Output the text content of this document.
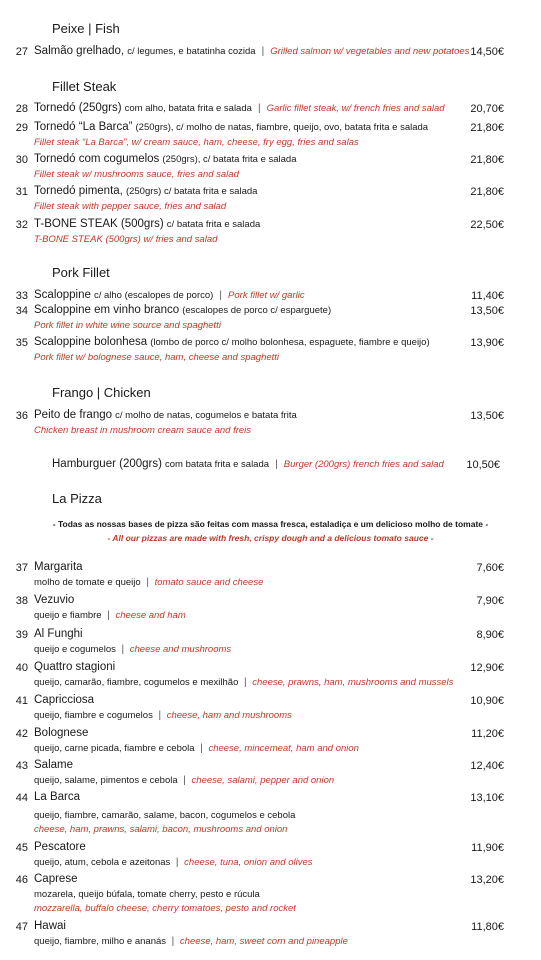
Peixe | Fish
27 Salmão grelhado, c/ legumes, e batatinha cozida | Grilled salmon w/ vegetables and new potatoes 14,50€
Fillet Steak
28 Tornedó (250grs) com alho, batata frita e salada | Garlic fillet steak, w/ french fries and salad 20,70€
29 Tornedó “La Barca” (250grs), c/ molho de natas, fiambre, queijo, ovo, batata frita e salada	21,80€
Fillet steak “La Barca”, w/ cream sauce, ham, cheese, fry egg, fries and salas
30 Tornedó com cogumelos (250grs), c/ batata frita e salada	21,80€
Fillet steak w/ mushrooms sauce, fries and salad
31 Tornedó pimenta, (250grs) c/ batata frita e salada	21,80€
Fillet steak with pepper sauce, fries and salad
32 T-BONE STEAK (500grs) c/ batata frita e salada	22,50€
T-BONE STEAK (500grs) w/ fries and salad
Pork Fillet
33 Scaloppine c/ alho (escalopes de porco) | Pork fillet w/ garlic	11,40€
34 Scaloppine em vinho branco (escalopes de porco c/ esparguete)	13,50€
Pork fillet in white wine source and spaghetti
35 Scaloppine bolonhesa (lombo de porco c/ molho bolonhesa, espaguete, fiambre e queijo)	13,90€
Pork fillet w/ bolognese sauce, ham, cheese and spaghetti
Frango | Chicken
36 Peito de frango c/ molho de natas, cogumelos e batata frita	13,50€
Chicken breast in mushroom cream sauce and freis
Hamburguer (200grs) com batata frita e salada | Burger (200grs) french fries and salad 10,50€
La Pizza
- Todas as nossas bases de pizza são feitas com massa fresca, estaladiça e um delicioso molho de tomate -
- All our pizzas are made with fresh, crispy dough and a delicious tomato sauce -
37 Margarita	7,60€
molho de tomate e queijo | tomato sauce and cheese
38 Vezuvio	7,90€
queijo e fiambre | cheese and ham
39 Al Funghi	8,90€
queijo e cogumelos | cheese and mushrooms
40 Quattro stagioni	12,90€
queijo, camarão, fiambre, cogumelos e mexilhão | cheese, prawns, ham, mushrooms and mussels
41 Capricciosa	10,90€
queijo, fiambre e cogumelos | cheese, ham and mushrooms
42 Bolognese	11,20€
queijo, carne picada, fiambre e cebola | cheese, mincemeat, ham and onion
43 Salame	12,40€
queijo, salame, pimentos e cebola | cheese, salami, pepper and onion
44 La Barca	13,10€
queijo, fiambre, camarão, salame, bacon, cogumelos e cebola
cheese, ham, prawns, salami, bacon, mushrooms and onion
45 Pescatore	11,90€
queijo, atum, cebola e azeitonas | cheese, tuna, onion and olives
46 Caprese	13,20€
mozarela, queijo búfala, tomate cherry, pesto e rúcula
mozzarella, buffalo cheese, cherry tomatoes, pesto and rocket
47 Hawai	11,80€
queijo, fiambre, milho e ananás | cheese, ham, sweet corn and pineapple
